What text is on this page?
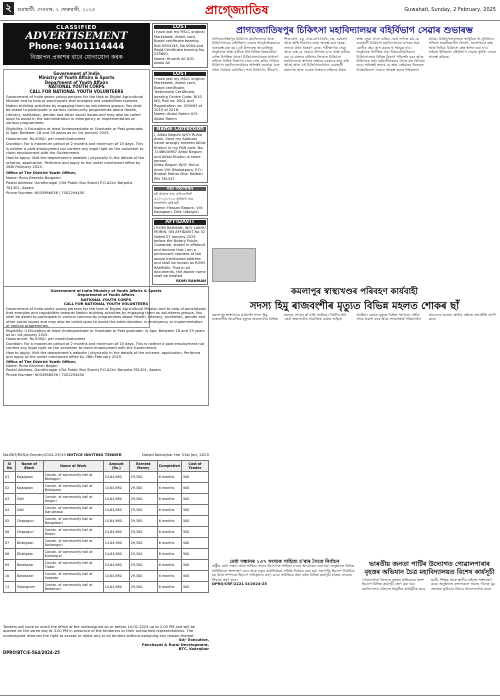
২	গুৱাহাটী, দেওবাৰ, ২ ফেব্ৰুৱাৰী, ২০২৫	প্ৰাগ্জ্যোতিষ	Guwahati, Sunday, 2 February, 2025
CLASSIFIED
ADVERTISEMENT
Phone: 9401114444
বিজ্ঞাপন প্ৰকাশৰ বাবে যোগাযোগ কৰক
Government of India
Ministry of Youth Affairs & Sports
Department of Youth Affairs
NATIONAL YOUTH CORPS
CALL FOR NATIONAL YOUTH VOLUNTEERS

Government of India seeks young persons for the task of Digital Agricultural Mission and to help of panchayats that energies and capabilities towards Nation building activities by engaging them as volunteers groups. You shall be asked to participate in various community programmes about Health, Literacy, sanitation, gender and other social issues and may also be called upon to assist in the administration in emergency or implementation of various programmes.

Eligibility: i) Education at least Undergraduate or Graduate or Post graduate. ii) Age: Between 18 and 29 years as on 1st January 2025.

Honorarium: Rs.5000/- per month/volunteer.

Duration: For a maximum period of 2 months and minimum of 15 days. This is neither a paid employment nor confers any legal right on the volunteer to claim employment with the Government.

How to apply: Visit the department's website / physically in the details of the scheme, application, Performa and apply to the under mentioned office by 28th February 2025.

Office of The District Youth Officer,

Name: Ranu Keeshta Borgoain

Postal Address: Gandhinagar (Old Public Bus Stand) P.O.&Circ Barpeta-781301, Assam

Phone Number: 6003966036 / 7002294450

LOST
I have lost my HSLC original Marksheet, Admit card, Board certificate bearing Roll-0094145, No 0004 and Regd Certificate bearing No. 035800.
Name: Buradh Ali D/O: Abdul Ali
LOST
I have lost my HSLC original Marksheet, Admit card, Board certificate, Testimonial Certificate, bearing Centre Code: B/10 W3, Roll no: 0001 and Registration no: 029492 of 2010 of 2016.
Name: Abdul Rahim S/O: Abdul Rahim
Name Correction
I, Alfaiz Begum W/O: Ruhul Amin, have my Aadhaar name wrongly entered Alfaiz Khatun in my PAN card. No: 7246K00987 Alfaiz Begum and Alfaiz Khatun is same person.
Alfaiz Begum W/O: Ruhul Amin Vill: Bhakatpara, P.O.: Bhakat Pathar Dist: Nalbari PIN 781337
নাম সংশোধন
মই আমাৰ নাম এফিডেভিট ৩১/০১/২০২৫ তাৰিখে নাম সংশোধন কৰিছোঁ।
Name: Hassan Begum, Vill: Kalaigaon, Dist: Udalguri
AFFIDAVIT
I ROMI RAHMAN, W/O LAKHU MORIN, ON AFFIDAVIT No 52 Dated 27 January 2025 before the Notary Public, Guwahati, stated in affidavit and declare that I am a permanent resident of the above mentioned address and shall be known as ROMI RAHMAN. That in all documents, the above name shall be treated.
ROMI RAHMAN
প্ৰাগজ্যোতিষপুৰ চিকিৎসা মহাবিদ্যালয়ৰ বহিৰ্বিভাগ সেৱাৰ শুভাৰম্ভ
প্ৰাগজ্যোতিষপুৰ চিকিৎসা মহাবিদ্যালয় আৰু চিকিৎসালয়ৰ বহিৰ্বিভাগ সেৱাৰ আনুষ্ঠানিকভাৱে শুভাৰম্ভ কৰা হয়। এই উপলক্ষে আয়োজিত অনুষ্ঠানত স্বাস্থ্য মন্ত্ৰীকে ধৰি বিভিন্ন বিষয়ববীয়া ব্যক্তি উপস্থিত থাকে। চিকিৎসালয়খনত সাধাৰণ ৰাইজে বিভিন্ন বিভাগৰ সেৱা লাভ কৰিব পাৰিব। চিকিৎসা মহাবিদ্যালয়খনৰ অধ্যক্ষই জনোৱা মতে প্ৰথম পৰ্যায়ত মেডিচিন, শল্য চিকিৎসা, স্ত্ৰীৰোগ, শিশুৰোগ, চকু, নাক-কাণ-ডিঙি, দন্ত, চৰ্মৰোগ আৰু অস্থি বিভাগৰ সেৱা আৰম্ভ কৰা হৈছে। লগতে ঔষধ বিতৰণ কেন্দ্ৰ, পৰীক্ষাগাৰ সেৱা আৰু এক্স-ৰে সেৱাও উপলব্ধ হ'ব। স্বাস্থ্য মন্ত্ৰীয়ে কয় যে ৰাজ্যৰ প্ৰতিখন জিলাত চিকিৎসা মহাবিদ্যালয় স্থাপনৰ লক্ষ্যৰে চৰকাৰে কাম কৰি আছে আৰু এই চিকিৎসালয়খনে গুৱাহাটী মহানগৰ আৰু ওচৰৰ অঞ্চলৰ ৰাইজক উন্নত স্বাস্থ্য সেৱা প্ৰদান কৰিব। তেওঁ লগতে কয় যে গুৱাহাটী চিকিৎসা মহাবিদ্যালয়ৰ ওপৰত থকা ৰোগীৰ হেঁচা হ্ৰাস কৰাত ই সহায়ক হ'ব। অনুষ্ঠানত উপস্থিত থকা বিষয়ববীয়াসকলে চিকিৎসালয়ৰ বিভিন্ন বিভাগ পৰিদৰ্শন কৰে আৰু চিকিৎসক তথা কৰ্মচাৰীসকলৰ সৈতে মত বিনিময় কৰে। অধ্যক্ষই জনায় যে অহা কেইমাহৰ ভিতৰত আন্তঃবিভাগ সেৱাও আৰম্ভ কৰাৰ পৰিকল্পনা আছে। চিকিৎসালয়খনত আধুনিক সা-সুবিধাৰে সজ্জিত জৰুৰীকালীন বিভাগ, অস্ত্ৰোপচাৰ কক্ষ আৰু নিবিড় চিকিৎসা কক্ষ স্থাপন কৰা হ'ব। ৰাইজে ইতিমধ্যে বহিৰ্বিভাগ সেৱাৰ সুবিধা লোৱা আৰম্ভ কৰিছে।
কমলাপুৰ স্বাস্থ্যখণ্ডৰ পৰিবহণ কাৰ্যবাহী
সদস্য হিমু ৰাজবংশীৰ মৃত্যুত বিভিন্ন মহলত শোকৰ ছাঁ
কমলাপুৰ স্বাস্থ্যখণ্ডৰ কাৰ্যবাহী সদস্য হিমু ৰাজবংশীৰ আকস্মিক মৃত্যুত অঞ্চলটোৰ বিভিন্ন মহলত শোকৰ ছাঁ নামি আহিছে। দীৰ্ঘদিন ধৰি তেওঁ অঞ্চলটোৰ সামাজিক কামত জড়িত আছিল। তেওঁৰ মৃত্যুত বিভিন্ন সংগঠনে গভীৰ শোক প্ৰকাশ কৰে আৰু শোকসন্তপ্ত পৰিয়াললৈ সমবেদনা জনায়। স্থানীয় ৰাইজে শ্ৰদ্ধাঞ্জলি অৰ্পণ কৰে।
Government of India Ministry of Youth Affairs & Sports
Department of Youth Affairs
NATIONAL YOUTH CORPS
CALL FOR NATIONAL YOUTH VOLUNTEERS
Government of India seeks young persons for the task of Digital Agricultural Mission and to help of panchayats that energies and capabilities towards Nation building activities by engaging them as volunteers groups. You shall be asked to participate in various community programmes about Health, Literacy, sanitation, gender and other social issues and may also be called upon to assist the administration in emergency or implementation of various programmes.
Eligibility: i) Education at least Undergraduate or Graduate or Post graduate. ii) Age: Between 18 and 29 years as on 1st January 2025.
Honorarium: Rs.5000/- per month/volunteer.
Duration: For a maximum period of 2 months and minimum of 15 days. This is neither a paid employment nor confers any legal right on the volunteer to claim employment with the Government.
How to apply: Visit the department's website / physically in the details of the scheme, application, Performa and apply to the under mentioned office by 28th February 2025.
Office of The District Youth Officer,
Name: Runa Kanchan Bagari
Postal Address: Gandhinagar (Old Public Bus Stand) P.O.&Circ Barpeta-781301, Assam
Phone Number: 6003966036 / 7002294450
No.BKT/RES/e-Tender/2024-25/15 NOTICE INVITING TENDER	Dated Kokrajhar the 31st Jan, 2025
Sl No	Name of Block	Name of Work	Amount (Rs.)	Earnest Money	Completion	Cost of Tender
01	Kajalgaon	Constn. of community hall at Bhelaguri	14,64,980	29,300	6 months	500
02	Kajalgaon	Constn. of community hall at Bilasipara	14,64,980	29,300	6 months	500
03	Sidli	Constn. of community hall at Amguri	14,64,980	29,300	6 months	500
04	Sidli	Constn. of community hall at Garubhasa	14,64,980	29,300	6 months	500
05	Chapaguri	Constn. of community hall at Bangalbari	14,64,980	29,300	6 months	500
06	Chapaguri	Constn. of community hall at Raipur	14,64,980	29,300	6 months	500
07	Dhaligaon	Constn. of community hall at Ballamguri	14,64,980	29,300	6 months	500
08	Dhaligaon	Constn. of community hall at Kumarguri	14,64,980	29,300	6 months	500
09	Borobazar	Constn. of community hall at Tipkai	14,64,980	29,300	6 months	500
10	Borobazar	Constn. of community hall at Sapkata	14,64,980	29,300	6 months	500
11	Srijangram	Constn. of community hall at Baitamari	14,64,980	29,300	6 months	500
Tenders will have to reach the office of the undersigned on or before 14-02-2025 up to 2.00 PM and will be opened on the same day at 3.00 PM in presence of the tenderers or their authorized representatives. The undersigned reserves the right to accept or reject any or all tenders without assigning any reason thereof.
Sd/- Executive,
Panchayat & Rural Development,
BTC, Kokrajhar
DPRO/BTC/E-564/2024-25
মেধা সন্ধানৰ ১৩৭ সংখ্যক সাহিত্য চ'ৰাৰ সৈতে নিৰ্বাচন
ৰাষ্ট্ৰীয় মেধা সন্ধান আৰু সাহিত্য সভাৰ উদ্যোগত সাহিত্য চ'ৰাৰ আয়োজন কৰা হয়। অনুষ্ঠানত বিভিন্ন সাহিত্যিকে অংশগ্ৰহণ কৰে আৰু নতুন কাৰ্যনিৰ্বাহক সমিতি নিৰ্বাচন কৰা হয়। সভাপতি হিচাপে নিৰ্বাচিত হয় আৰু সম্পাদক হিচাপে দায়িত্বভাৰ গ্ৰহণ কৰে। সমিতিয়ে অহা বৰ্ষত বিভিন্ন কাৰ্যসূচী হাতত লোৱাৰ সিদ্ধান্ত গ্ৰহণ কৰে।
DPRO/CRF/2221 SI/2024-25
ভাৰতীয় জনতা পাৰ্টিৰ উদ্যোগত গোৱালপাৰাৰ বৃহত্তৰ অভিযান চৈত্ৰ মহাবিদ্যালয়ত বিশেষ কাৰ্যসূচী
গোৱালপাৰা জিলাত বৃহত্তৰ অভিযানৰ অংশ হিচাপে বিভিন্ন কাৰ্যসূচী গ্ৰহণ কৰা হয়। মহাবিদ্যালয় চৌহদত অনুষ্ঠিত কাৰ্যসূচীত ছাত্ৰ-ছাত্ৰী, শিক্ষক আৰু স্থানীয় ৰাইজে অংশগ্ৰহণ কৰে। অনুষ্ঠানত বক্তাসকলে সমাজ গঠনত যুৱ প্ৰজন্মৰ ভূমিকাৰ বিষয়ে আলোকপাত কৰে।
